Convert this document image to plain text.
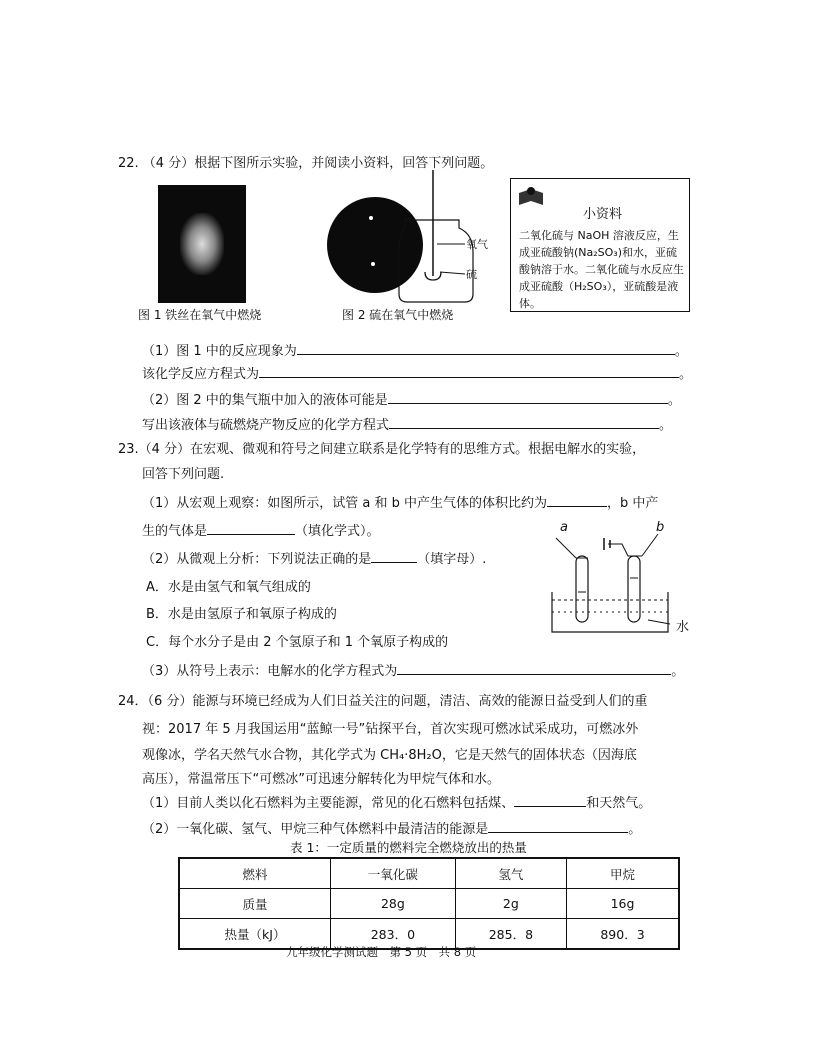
22. （4 分）根据下图所示实验，并阅读小资料，回答下列问题。
图 1 铁丝在氧气中燃烧
氧气
硫
图 2 硫在氧气中燃烧
小资料
二氧化硫与 NaOH 溶液反应，生成亚硫酸钠(Na₂SO₃)和水，亚硫酸钠溶于水。二氧化硫与水反应生成亚硫酸（H₂SO₃），亚硫酸是液体。
（1）图 1 中的反应现象为	。
该化学反应方程式为	。
（2）图 2 中的集气瓶中加入的液体可能是	。
写出该液体与硫燃烧产物反应的化学方程式	。
23.（4 分）在宏观、微观和符号之间建立联系是化学特有的思维方式。根据电解水的实验，
回答下列问题.
（1）从宏观上观察：如图所示，试管 a 和 b 中产生气体的体积比约为	，b 中产
生的气体是	（填化学式）。
（2）从微观上分析：下列说法正确的是	（填字母）.
A．水是由氢气和氧气组成的
B．水是由氢原子和氧原子构成的
C．每个水分子是由 2 个氢原子和 1 个氧原子构成的
a	b
水
（3）从符号上表示：电解水的化学方程式为	。
24．（6 分）能源与环境已经成为人们日益关注的问题，清洁、高效的能源日益受到人们的重
视：2017 年 5 月我国运用“蓝鲸一号”钻探平台，首次实现可燃冰试采成功，可燃冰外
观像冰，学名天然气水合物，其化学式为 CH₄·8H₂O，它是天然气的固体状态（因海底
高压），常温常压下“可燃冰”可迅速分解转化为甲烷气体和水。
（1）目前人类以化石燃料为主要能源，常见的化石燃料包括煤、	和天然气。
（2）一氧化碳、氢气、甲烷三种气体燃料中最清洁的能源是	。
表 1：一定质量的燃料完全燃烧放出的热量
燃料	一氧化碳	氢气	甲烷
质量	28g	2g	16g
热量（kJ）	283．0	285．8	890．3
九年级化学测试题　第 5 页　共 8 页
